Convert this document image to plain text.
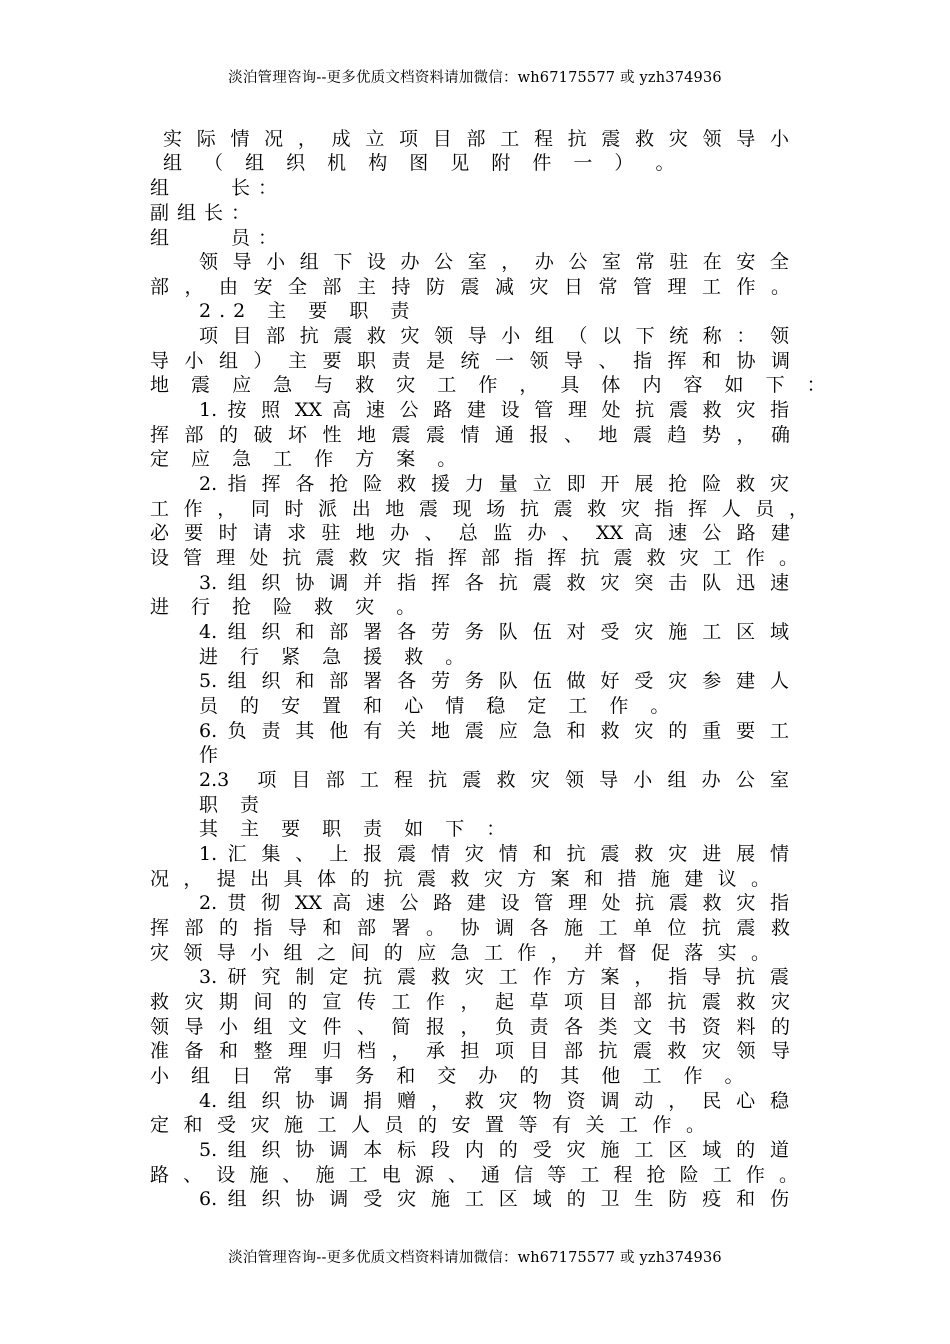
淡泊管理咨询--更多优质文档资料请加微信：wh67175577 或 yzh374936
实 际 情 况 ， 成 立 项 目 部 工 程 抗 震 救 灾 领 导 小
组 （ 组 织 机 构 图 见 附 件 一 ） 。
组　　长：
副组长：
组　　员：
领 导 小 组 下 设 办 公 室 ， 办 公 室 常 驻 在 安 全
部 ， 由 安 全 部 主 持 防 震 减 灾 日 常 管 理 工 作 。
2.2 主 要 职 责
项 目 部 抗 震 救 灾 领 导 小 组 （ 以 下 统 称 ： 领
导 小 组 ） 主 要 职 责 是 统 一 领 导 、 指 挥 和 协 调
地 震 应 急 与 救 灾 工 作 ， 具 体 内 容 如 下 ：
1. 按 照 XX 高 速 公 路 建 设 管 理 处 抗 震 救 灾 指
挥 部 的 破 坏 性 地 震 震 情 通 报 、 地 震 趋 势 ， 确
定 应 急 工 作 方 案 。
2. 指 挥 各 抢 险 救 援 力 量 立 即 开 展 抢 险 救 灾
工 作 ， 同 时 派 出 地 震 现 场 抗 震 救 灾 指 挥 人 员 ，
必 要 时 请 求 驻 地 办 、 总 监 办 、 XX 高 速 公 路 建
设 管 理 处 抗 震 救 灾 指 挥 部 指 挥 抗 震 救 灾 工 作 。
3. 组 织 协 调 并 指 挥 各 抗 震 救 灾 突 击 队 迅 速
进 行 抢 险 救 灾 。
4. 组 织 和 部 署 各 劳 务 队 伍 对 受 灾 施 工 区 域
进 行 紧 急 援 救 。
5. 组 织 和 部 署 各 劳 务 队 伍 做 好 受 灾 参 建 人
员 的 安 置 和 心 情 稳 定 工 作 。
6. 负 责 其 他 有 关 地 震 应 急 和 救 灾 的 重 要 工
作
2.3　项 目 部 工 程 抗 震 救 灾 领 导 小 组 办 公 室
职 责
其 主 要 职 责 如 下 ：
1. 汇 集 、 上 报 震 情 灾 情 和 抗 震 救 灾 进 展 情
况 ， 提 出 具 体 的 抗 震 救 灾 方 案 和 措 施 建 议 。
2. 贯 彻 XX 高 速 公 路 建 设 管 理 处 抗 震 救 灾 指
挥 部 的 指 导 和 部 署 。 协 调 各 施 工 单 位 抗 震 救
灾 领 导 小 组 之 间 的 应 急 工 作 ， 并 督 促 落 实 。
3. 研 究 制 定 抗 震 救 灾 工 作 方 案 ， 指 导 抗 震
救 灾 期 间 的 宣 传 工 作 ， 起 草 项 目 部 抗 震 救 灾
领 导 小 组 文 件 、 简 报 ， 负 责 各 类 文 书 资 料 的
准 备 和 整 理 归 档 ， 承 担 项 目 部 抗 震 救 灾 领 导
小 组 日 常 事 务 和 交 办 的 其 他 工 作 。
4. 组 织 协 调 捐 赠 ， 救 灾 物 资 调 动 ， 民 心 稳
定 和 受 灾 施 工 人 员 的 安 置 等 有 关 工 作 。
5. 组 织 协 调 本 标 段 内 的 受 灾 施 工 区 域 的 道
路 、 设 施 、 施 工 电 源 、 通 信 等 工 程 抢 险 工 作 。
6. 组 织 协 调 受 灾 施 工 区 域 的 卫 生 防 疫 和 伤
淡泊管理咨询--更多优质文档资料请加微信：wh67175577 或 yzh374936
